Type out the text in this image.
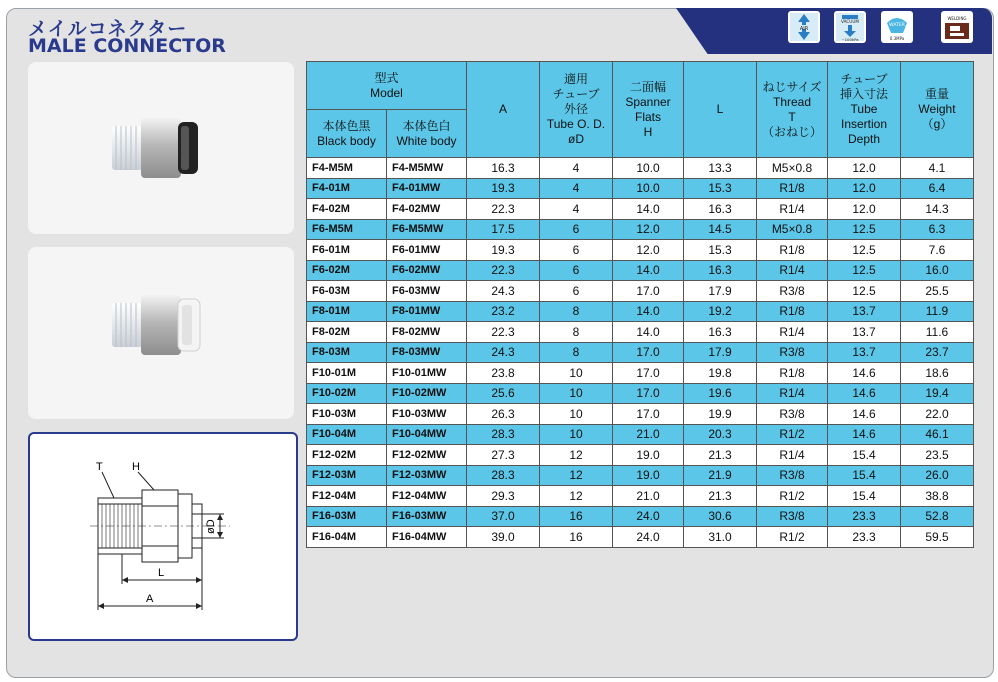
メイルコネクター
MALE CONNECTOR
AIR
VACUUM
~100kPa
WATER
0.3MPa
WELDING
T	H
L
A
øD
型式
Model		A	適用
チューブ
外径
Tube O. D.
øD	二面幅
Spanner
Flats
H	L	ねじサイズ
Thread
T
（おねじ）	チューブ
挿入寸法
Tube
Insertion
Depth	重量
Weight
（g）
本体色黒
Black body	本体色白
White body							
F4-M5M	F4-M5MW	16.3	4	10.0	13.3	M5×0.8	12.0	4.1
F4-01M	F4-01MW	19.3	4	10.0	15.3	R1/8	12.0	6.4
F4-02M	F4-02MW	22.3	4	14.0	16.3	R1/4	12.0	14.3
F6-M5M	F6-M5MW	17.5	6	12.0	14.5	M5×0.8	12.5	6.3
F6-01M	F6-01MW	19.3	6	12.0	15.3	R1/8	12.5	7.6
F6-02M	F6-02MW	22.3	6	14.0	16.3	R1/4	12.5	16.0
F6-03M	F6-03MW	24.3	6	17.0	17.9	R3/8	12.5	25.5
F8-01M	F8-01MW	23.2	8	14.0	19.2	R1/8	13.7	11.9
F8-02M	F8-02MW	22.3	8	14.0	16.3	R1/4	13.7	11.6
F8-03M	F8-03MW	24.3	8	17.0	17.9	R3/8	13.7	23.7
F10-01M	F10-01MW	23.8	10	17.0	19.8	R1/8	14.6	18.6
F10-02M	F10-02MW	25.6	10	17.0	19.6	R1/4	14.6	19.4
F10-03M	F10-03MW	26.3	10	17.0	19.9	R3/8	14.6	22.0
F10-04M	F10-04MW	28.3	10	21.0	20.3	R1/2	14.6	46.1
F12-02M	F12-02MW	27.3	12	19.0	21.3	R1/4	15.4	23.5
F12-03M	F12-03MW	28.3	12	19.0	21.9	R3/8	15.4	26.0
F12-04M	F12-04MW	29.3	12	21.0	21.3	R1/2	15.4	38.8
F16-03M	F16-03MW	37.0	16	24.0	30.6	R3/8	23.3	52.8
F16-04M	F16-04MW	39.0	16	24.0	31.0	R1/2	23.3	59.5
